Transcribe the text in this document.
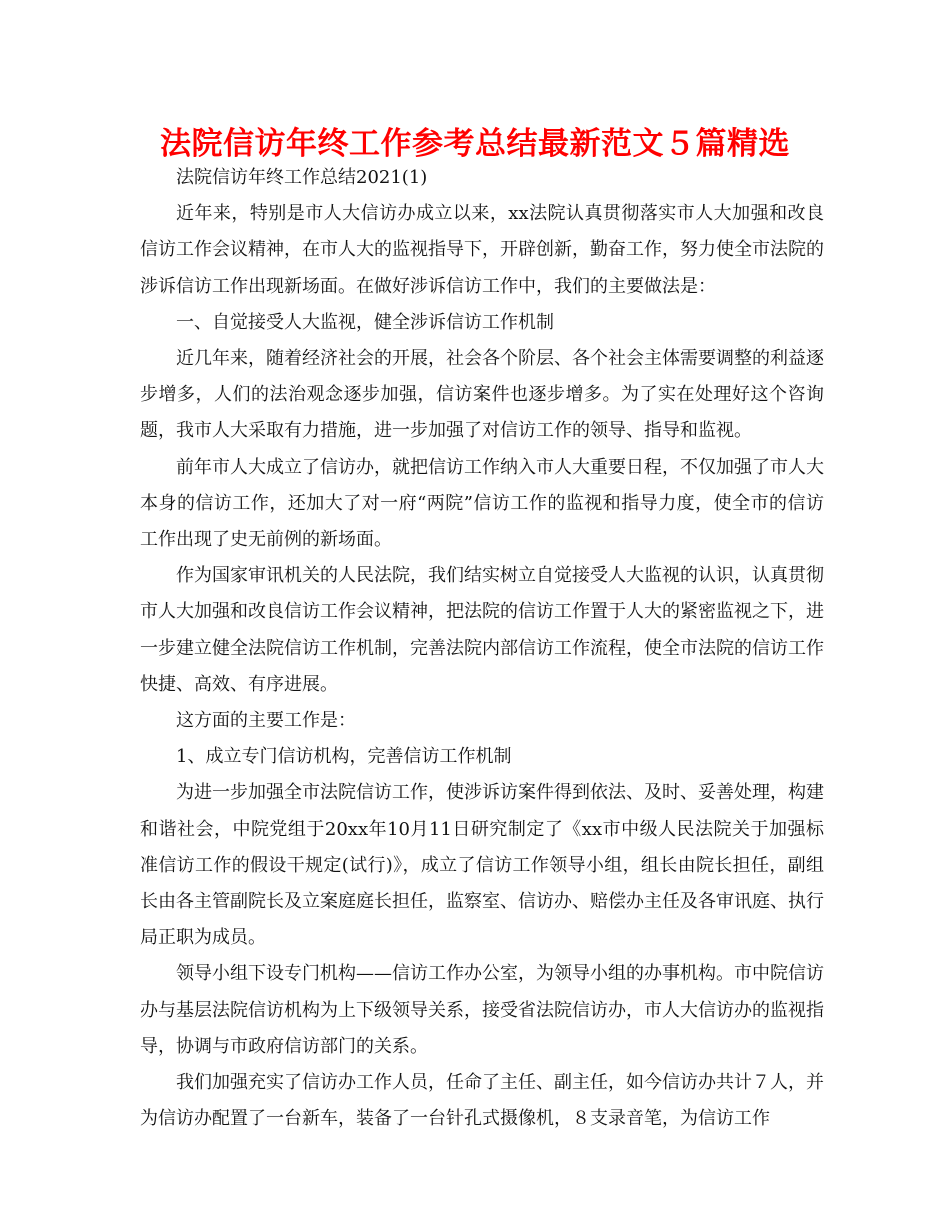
法院信访年终工作参考总结最新范文５篇精选

法院信访年终工作总结2021(1)

近年来，特别是市人大信访办成立以来，xx法院认真贯彻落实市人大加强和改良信访工作会议精神，在市人大的监视指导下，开辟创新，勤奋工作，努力使全市法院的涉诉信访工作出现新场面。在做好涉诉信访工作中，我们的主要做法是：

一、自觉接受人大监视，健全涉诉信访工作机制

近几年来，随着经济社会的开展，社会各个阶层、各个社会主体需要调整的利益逐步增多，人们的法治观念逐步加强，信访案件也逐步增多。为了实在处理好这个咨询题，我市人大采取有力措施，进一步加强了对信访工作的领导、指导和监视。

前年市人大成立了信访办，就把信访工作纳入市人大重要日程，不仅加强了市人大本身的信访工作，还加大了对一府“两院”信访工作的监视和指导力度，使全市的信访工作出现了史无前例的新场面。

作为国家审讯机关的人民法院，我们结实树立自觉接受人大监视的认识，认真贯彻市人大加强和改良信访工作会议精神，把法院的信访工作置于人大的紧密监视之下，进一步建立健全法院信访工作机制，完善法院内部信访工作流程，使全市法院的信访工作快捷、高效、有序进展。

这方面的主要工作是：

1、成立专门信访机构，完善信访工作机制

为进一步加强全市法院信访工作，使涉诉访案件得到依法、及时、妥善处理，构建和谐社会，中院党组于20xx年10月11日研究制定了《xx市中级人民法院关于加强标准信访工作的假设干规定(试行)》，成立了信访工作领导小组，组长由院长担任，副组长由各主管副院长及立案庭庭长担任，监察室、信访办、赔偿办主任及各审讯庭、执行局正职为成员。

领导小组下设专门机构——信访工作办公室，为领导小组的办事机构。市中院信访办与基层法院信访机构为上下级领导关系，接受省法院信访办，市人大信访办的监视指导，协调与市政府信访部门的关系。

我们加强充实了信访办工作人员，任命了主任、副主任，如今信访办共计７人，并为信访办配置了一台新车，装备了一台针孔式摄像机，８支录音笔，为信访工作
